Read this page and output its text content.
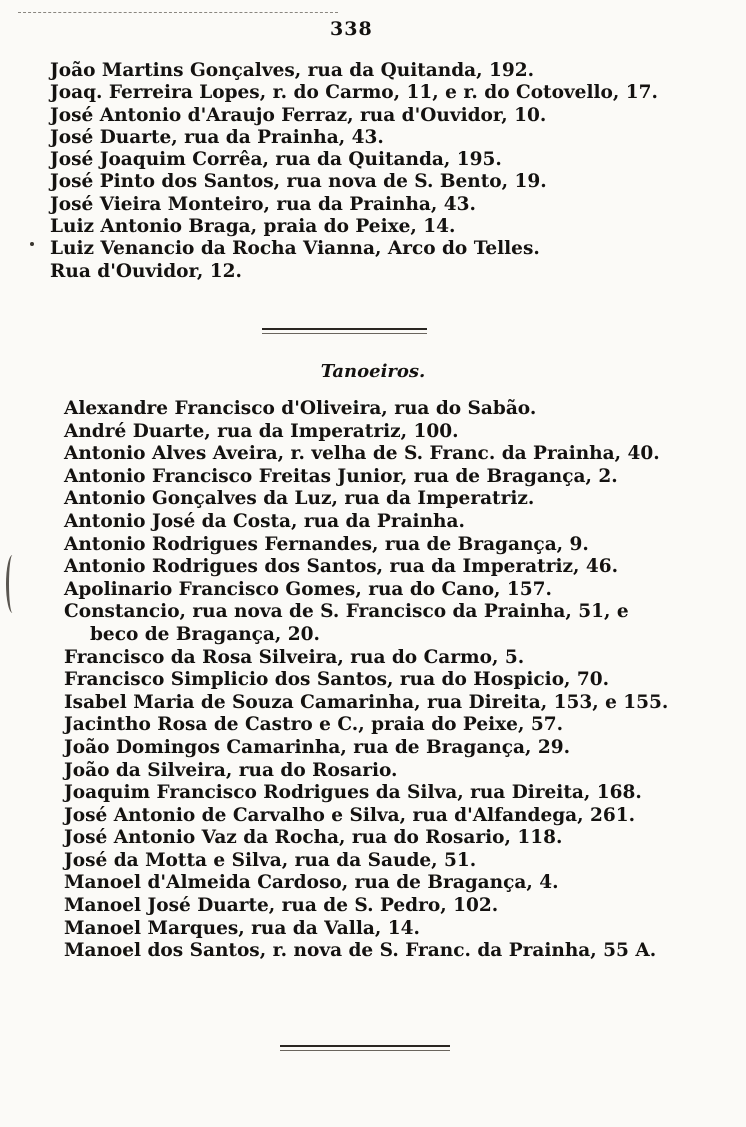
338
João Martins Gonçalves, rua da Quitanda, 192.
Joaq. Ferreira Lopes, r. do Carmo, 11, e r. do Cotovello, 17.
José Antonio d'Araujo Ferraz, rua d'Ouvidor, 10.
José Duarte, rua da Prainha, 43.
José Joaquim Corrêa, rua da Quitanda, 195.
José Pinto dos Santos, rua nova de S. Bento, 19.
José Vieira Monteiro, rua da Prainha, 43.
Luiz Antonio Braga, praia do Peixe, 14.
Luiz Venancio da Rocha Vianna, Arco do Telles.
Rua d'Ouvidor, 12.
Tanoeiros.
Alexandre Francisco d'Oliveira, rua do Sabão.
André Duarte, rua da Imperatriz, 100.
Antonio Alves Aveira, r. velha de S. Franc. da Prainha, 40.
Antonio Francisco Freitas Junior, rua de Bragança, 2.
Antonio Gonçalves da Luz, rua da Imperatriz.
Antonio José da Costa, rua da Prainha.
Antonio Rodrigues Fernandes, rua de Bragança, 9.
Antonio Rodrigues dos Santos, rua da Imperatriz, 46.
Apolinario Francisco Gomes, rua do Cano, 157.
Constancio, rua nova de S. Francisco da Prainha, 51, e
beco de Bragança, 20.
Francisco da Rosa Silveira, rua do Carmo, 5.
Francisco Simplicio dos Santos, rua do Hospicio, 70.
Isabel Maria de Souza Camarinha, rua Direita, 153, e 155.
Jacintho Rosa de Castro e C., praia do Peixe, 57.
João Domingos Camarinha, rua de Bragança, 29.
João da Silveira, rua do Rosario.
Joaquim Francisco Rodrigues da Silva, rua Direita, 168.
José Antonio de Carvalho e Silva, rua d'Alfandega, 261.
José Antonio Vaz da Rocha, rua do Rosario, 118.
José da Motta e Silva, rua da Saude, 51.
Manoel d'Almeida Cardoso, rua de Bragança, 4.
Manoel José Duarte, rua de S. Pedro, 102.
Manoel Marques, rua da Valla, 14.
Manoel dos Santos, r. nova de S. Franc. da Prainha, 55 A.
